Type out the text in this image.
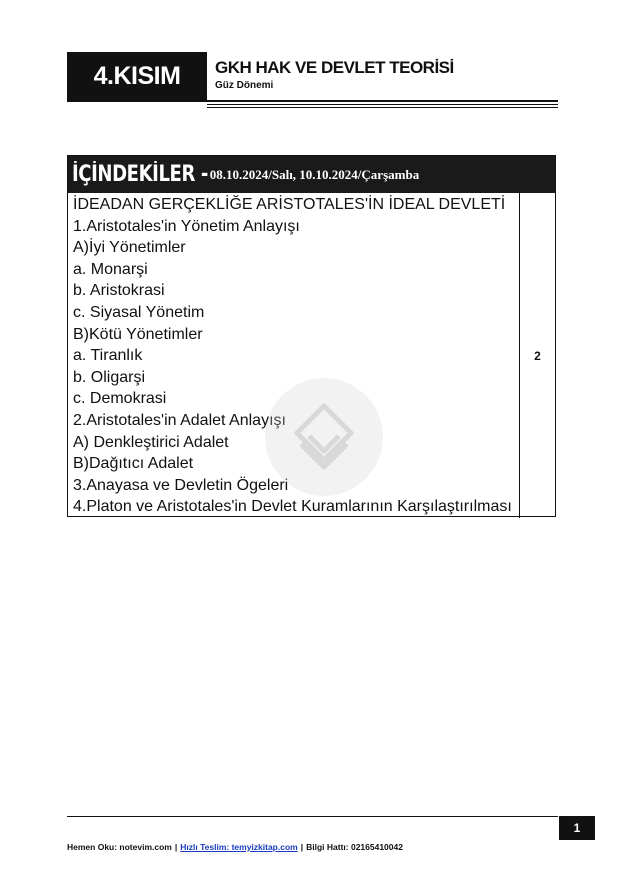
4.KISIM	GKH HAK VE DEVLET TEORİSİ
Güz Dönemi
İÇİNDEKİLER - 08.10.2024/Salı, 10.10.2024/Çarşamba
İDEADAN GERÇEKLİĞE ARİSTOTALES'İN İDEAL DEVLETİ
1.Aristotales'in Yönetim Anlayışı
A)İyi Yönetimler
a. Monarşi
b. Aristokrasi
c. Siyasal Yönetim
B)Kötü Yönetimler
a. Tiranlık
b. Oligarşi
c. Demokrasi
2.Aristotales'in Adalet Anlayışı
A) Denkleştirici Adalet
B)Dağıtıcı Adalet
3.Anayasa ve Devletin Ögeleri
4.Platon ve Aristotales'in Devlet Kuramlarının Karşılaştırılması
2
1
Hemen Oku: notevim.com | Hızlı Teslim: temyizkitap.com | Bilgi Hattı: 02165410042
